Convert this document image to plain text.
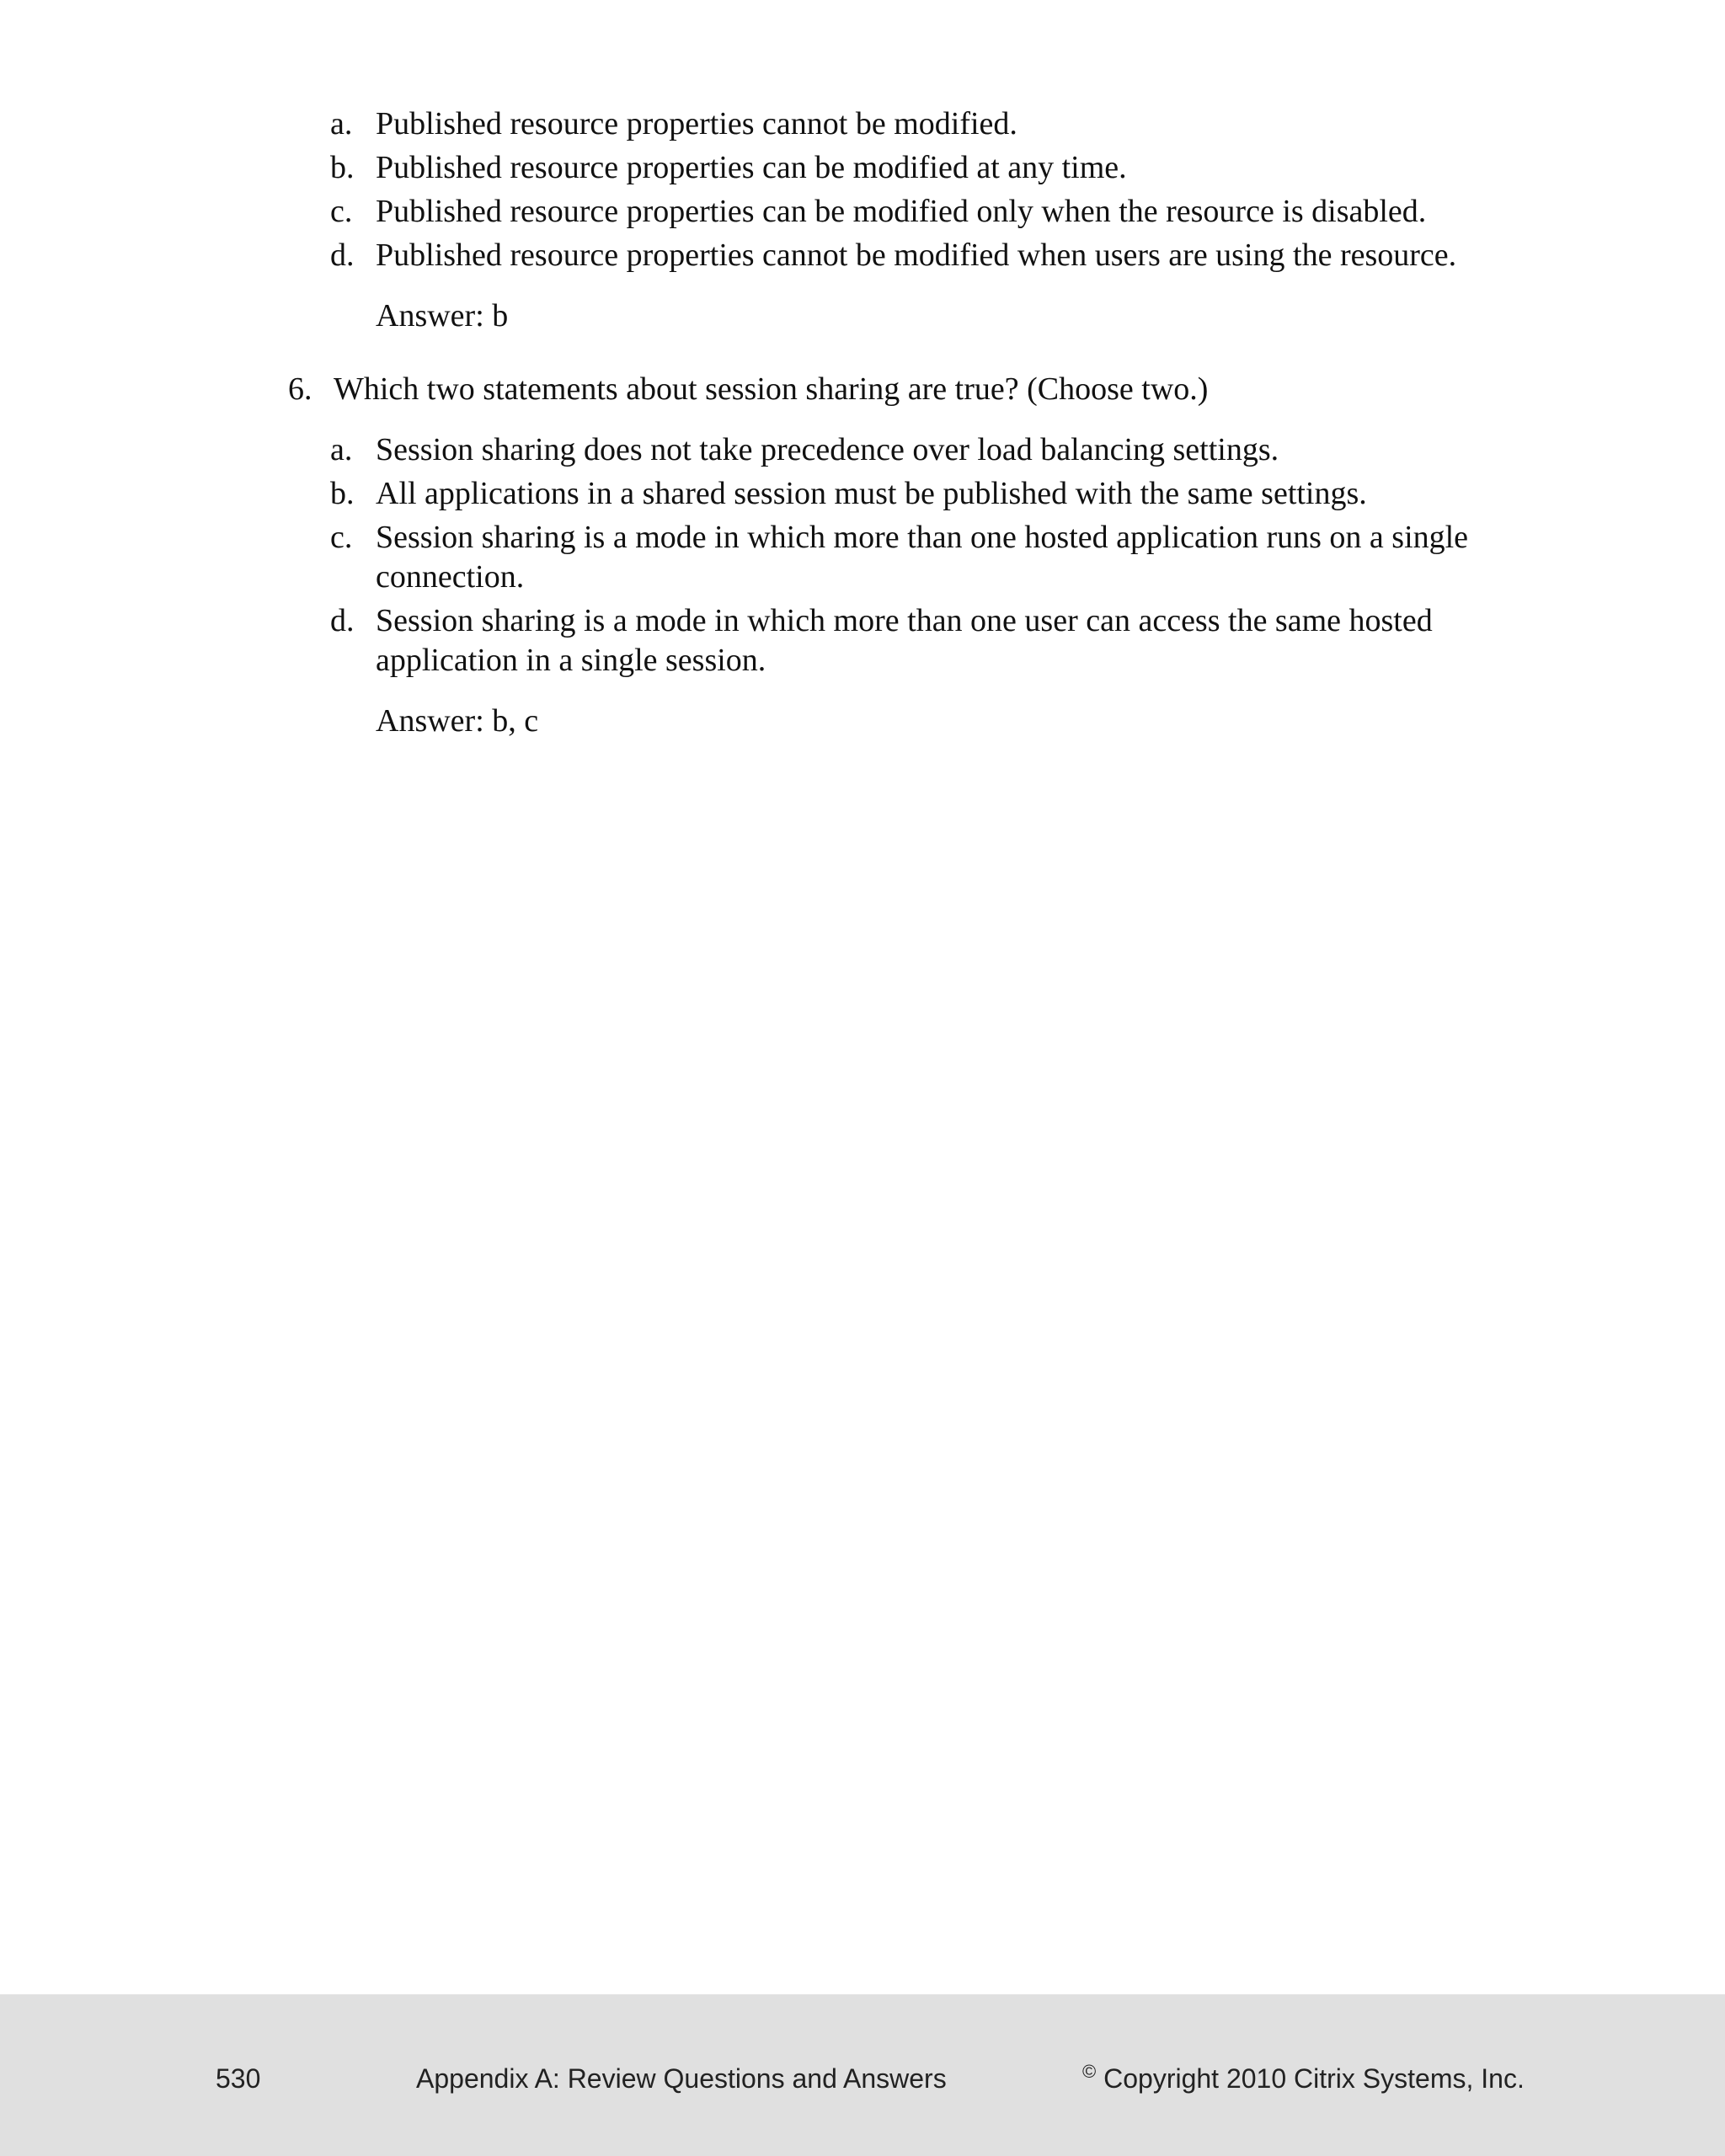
a. Published resource properties cannot be modified.
b. Published resource properties can be modified at any time.
c. Published resource properties can be modified only when the resource is disabled.
d. Published resource properties cannot be modified when users are using the resource.
Answer: b
6. Which two statements about session sharing are true? (Choose two.)
a. Session sharing does not take precedence over load balancing settings.
b. All applications in a shared session must be published with the same settings.
c. Session sharing is a mode in which more than one hosted application runs on a single connection.
d. Session sharing is a mode in which more than one user can access the same hosted application in a single session.
Answer: b, c
530	Appendix A: Review Questions and Answers	© Copyright 2010 Citrix Systems, Inc.
